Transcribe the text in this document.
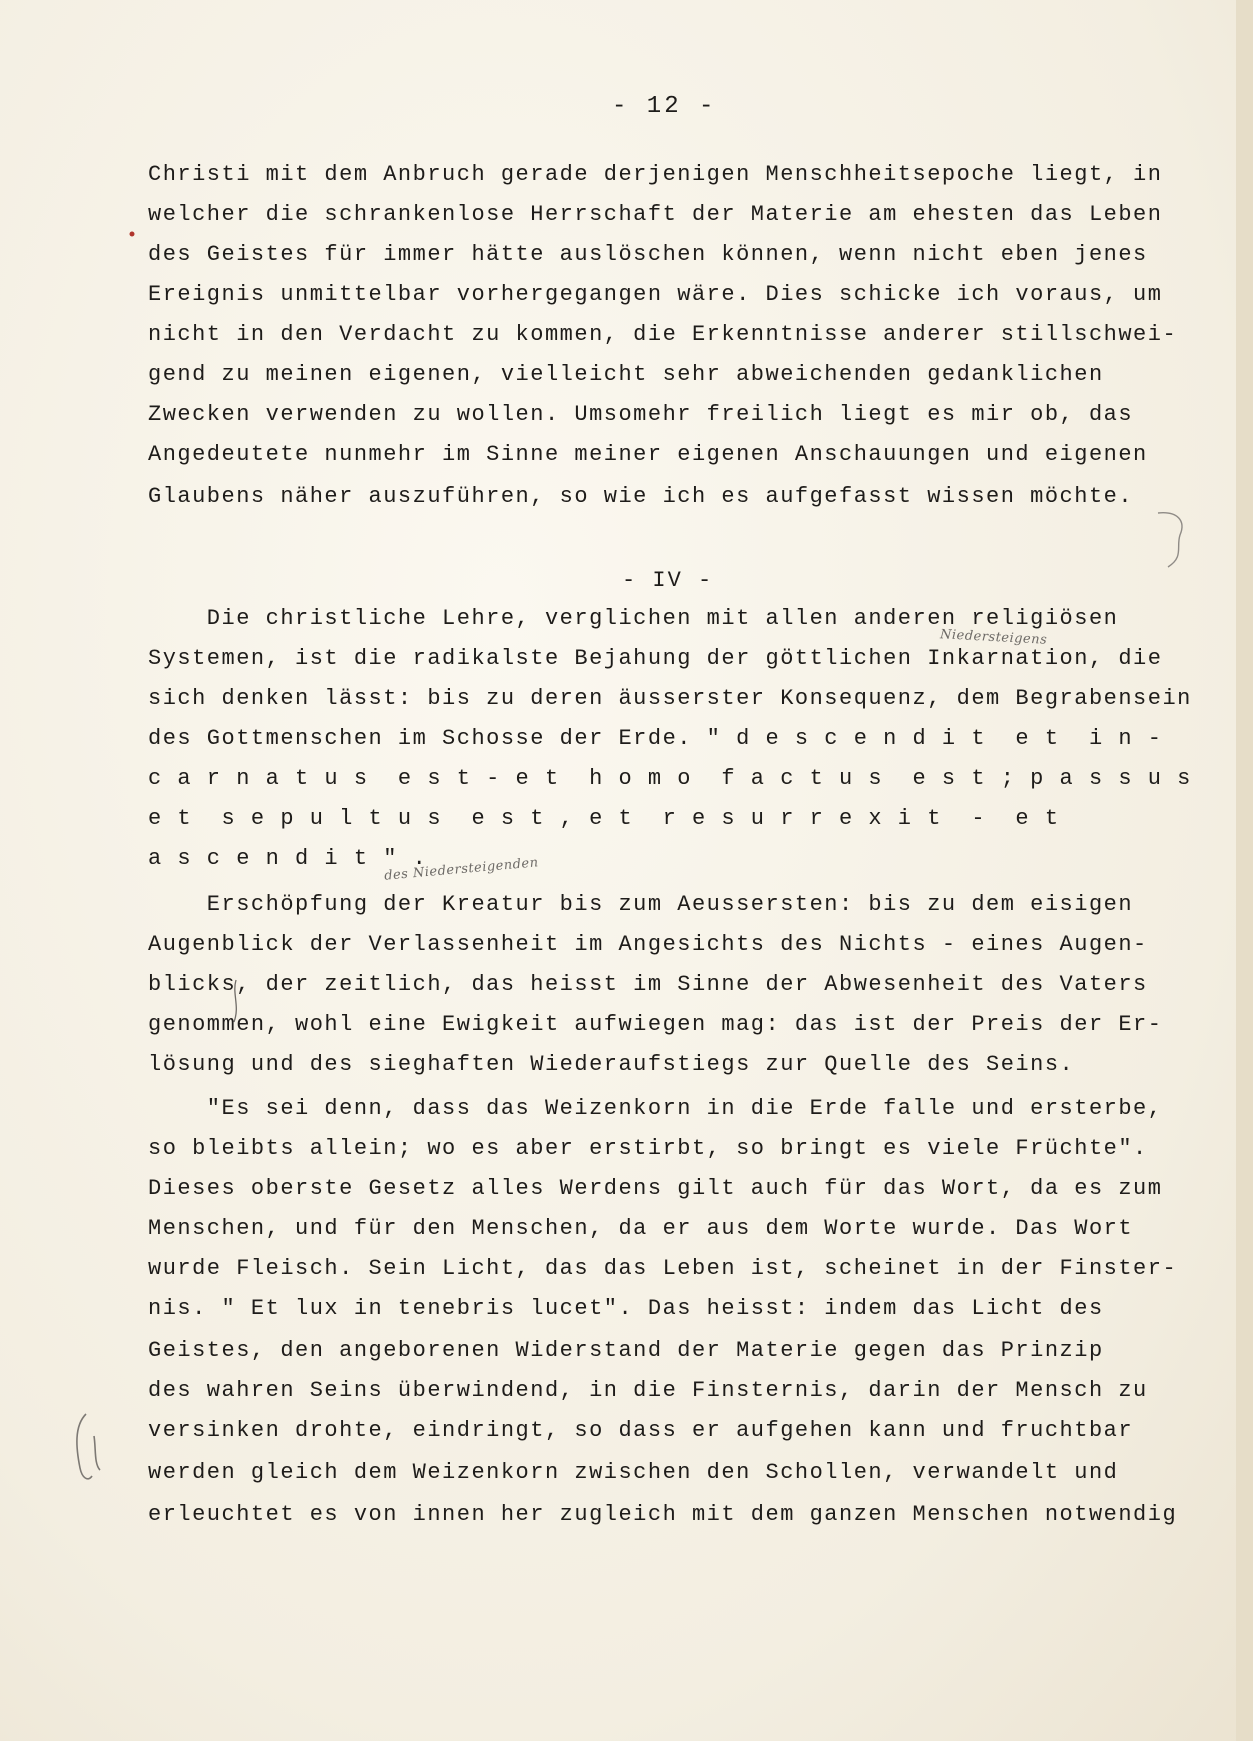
- 12 -
Christi mit dem Anbruch gerade derjenigen Menschheitsepoche liegt, in
welcher die schrankenlose Herrschaft der Materie am ehesten das Leben
des Geistes für immer hätte auslöschen können, wenn nicht eben jenes
Ereignis unmittelbar vorhergegangen wäre. Dies schicke ich voraus, um
nicht in den Verdacht zu kommen, die Erkenntnisse anderer stillschwei-
gend zu meinen eigenen, vielleicht sehr abweichenden gedanklichen
Zwecken verwenden zu wollen. Umsomehr freilich liegt es mir ob, das
Angedeutete nunmehr im Sinne meiner eigenen Anschauungen und eigenen
Glaubens näher auszuführen, so wie ich es aufgefasst wissen möchte.
- IV -
Die christliche Lehre, verglichen mit allen anderen religiösen
Systemen, ist die radikalste Bejahung der göttlichen Inkarnation, die
sich denken lässt: bis zu deren äusserster Konsequenz, dem Begrabensein
des Gottmenschen im Schosse der Erde. " d e s c e n d i t  e t  i n -
c a r n a t u s  e s t - e t  h o m o  f a c t u s  e s t ; p a s s u s
e t  s e p u l t u s  e s t , e t  r e s u r r e x i t  -  e t
a s c e n d i t " .
Erschöpfung der Kreatur bis zum Aeussersten: bis zu dem eisigen
Augenblick der Verlassenheit im Angesichts des Nichts - eines Augen-
blicks, der zeitlich, das heisst im Sinne der Abwesenheit des Vaters
genommen, wohl eine Ewigkeit aufwiegen mag: das ist der Preis der Er-
lösung und des sieghaften Wiederaufstiegs zur Quelle des Seins.
"Es sei denn, dass das Weizenkorn in die Erde falle und ersterbe,
so bleibts allein; wo es aber erstirbt, so bringt es viele Früchte".
Dieses oberste Gesetz alles Werdens gilt auch für das Wort, da es zum
Menschen, und für den Menschen, da er aus dem Worte wurde. Das Wort
wurde Fleisch. Sein Licht, das das Leben ist, scheinet in der Finster-
nis. " Et lux in tenebris lucet". Das heisst: indem das Licht des
Geistes, den angeborenen Widerstand der Materie gegen das Prinzip
des wahren Seins überwindend, in die Finsternis, darin der Mensch zu
versinken drohte, eindringt, so dass er aufgehen kann und fruchtbar
werden gleich dem Weizenkorn zwischen den Schollen, verwandelt und
erleuchtet es von innen her zugleich mit dem ganzen Menschen notwendig
Niedersteigens
des Niedersteigenden
